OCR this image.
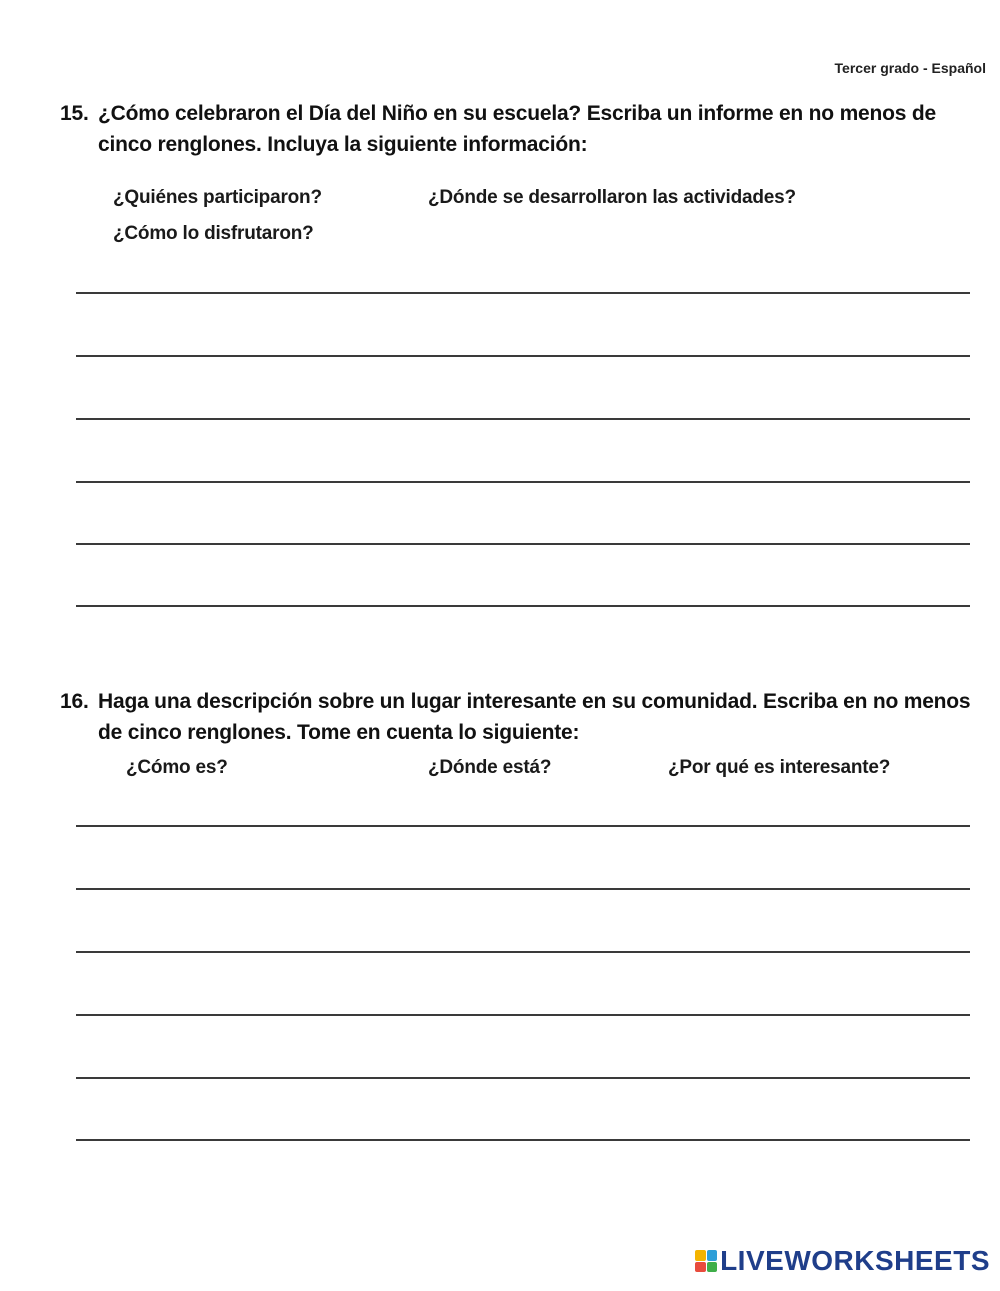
Tercer grado - Español
15. ¿Cómo celebraron el Día del Niño en su escuela? Escriba un informe en no menos de cinco renglones. Incluya la siguiente información:
¿Quiénes participaron?	¿Dónde se desarrollaron las actividades?
¿Cómo lo disfrutaron?
16. Haga una descripción sobre un lugar interesante en su comunidad. Escriba en no menos de cinco renglones. Tome en cuenta lo siguiente:
¿Cómo es?	¿Dónde está?	¿Por qué es interesante?
LIVEWORKSHEETS
